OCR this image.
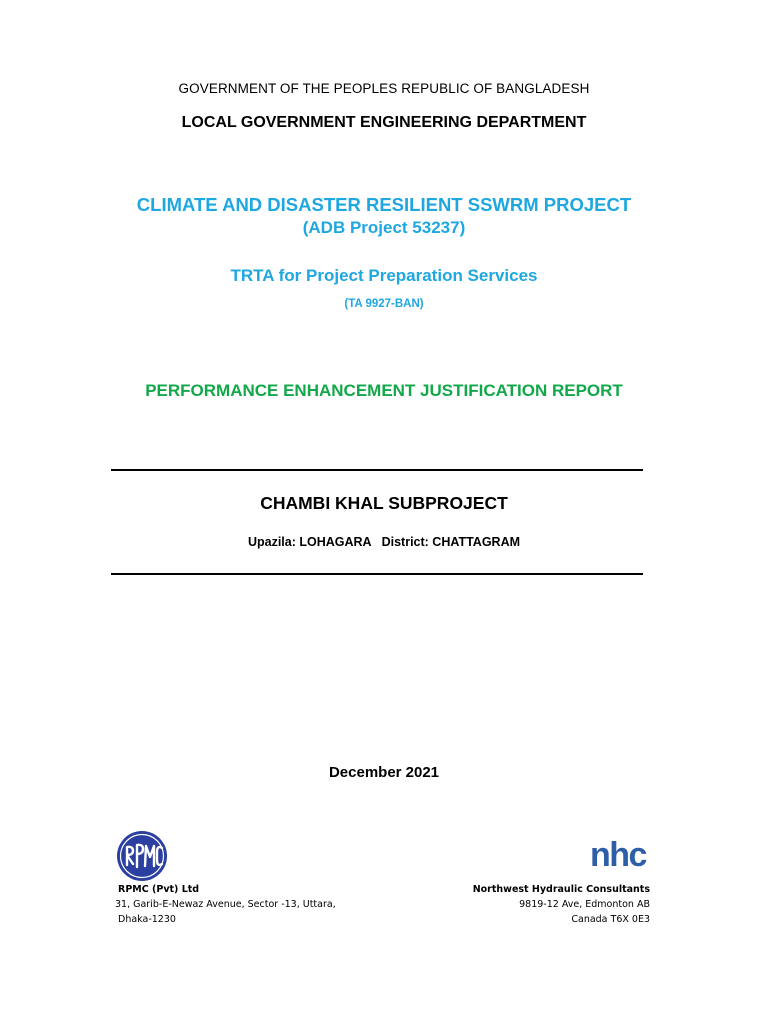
GOVERNMENT OF THE PEOPLES REPUBLIC OF BANGLADESH

LOCAL GOVERNMENT ENGINEERING DEPARTMENT

CLIMATE AND DISASTER RESILIENT SSWRM PROJECT

(ADB Project 53237)

TRTA for Project Preparation Services

(TA 9927-BAN)

PERFORMANCE ENHANCEMENT JUSTIFICATION REPORT

CHAMBI KHAL SUBPROJECT

Upazila: LOHAGARA District: CHATTAGRAM

December 2021

nhc
RPMC (Pvt) Ltd
31, Garib-E-Newaz Avenue, Sector -13, Uttara,
Dhaka-1230
Northwest Hydraulic Consultants
9819-12 Ave, Edmonton AB
Canada T6X 0E3
